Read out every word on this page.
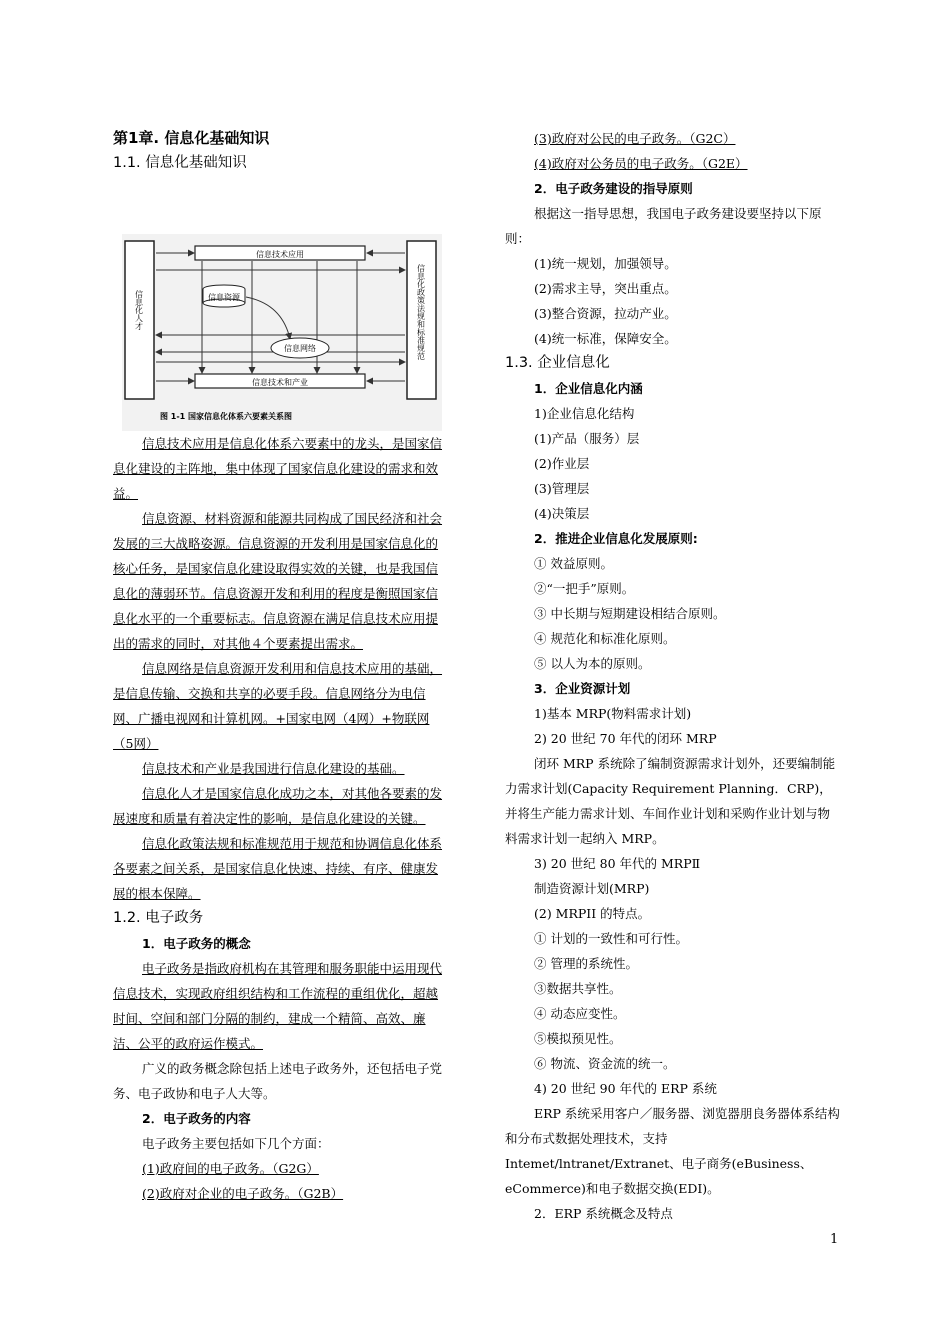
第1章. 信息化基础知识
1.1. 信息化基础知识
信息技术应用
信息资源
信息网络
信息技术和产业
信息化人才	信息化政策法规和标准规范
图 1-1 国家信息化体系六要素关系图

信息技术应用是信息化体系六要素中的龙头，是国家信息化建设的主阵地，集中体现了国家信息化建设的需求和效益。

信息资源、材料资源和能源共同构成了国民经济和社会发展的三大战略姿源。信息资源的开发利用是国家信息化的核心任务，是国家信息化建设取得实效的关键，也是我国信息化的薄弱环节。信息资源开发和利用的程度是衡照国家信息化水平的一个重要标志。信息资源在满足信息技术应用提出的需求的同时，对其他４个要素提出需求。

信息网络是信息资源开发利用和信息技术应用的基础，是信息传输、交换和共享的必要手段。信息网络分为电信网、广播电视网和计算机网。+国家电网（4网）+物联网（5网）

信息技术和产业是我国进行信息化建设的基础。

信息化人才是国家信息化成功之本，对其他各要素的发展速度和质量有着决定性的影响，是信息化建设的关键。

信息化政策法规和标准规范用于规范和协调信息化体系各要素之间关系，是国家信息化快速、持续、有序、健康发展的根本保障。

1.2. 电子政务
1．电子政务的概念

电子政务是指政府机构在其管理和服务职能中运用现代信息技术，实现政府组织结构和工作流程的重组优化，超越时间、空间和部门分隔的制约，建成一个精简、高效、廉洁、公平的政府运作模式。

广义的政务概念除包括上述电子政务外，还包括电子党务、电子政协和电子人大等。

2．电子政务的内容

电子政务主要包括如下几个方面：

(1)政府间的电子政务。（G2G）

(2)政府对企业的电子政务。（G2B）

(3)政府对公民的电子政务。（G2C）

(4)政府对公务员的电子政务。（G2E）

2．电子政务建设的指导原则

根据这一指导思想，我国电子政务建设要坚持以下原则：

(1)统一规划，加强领导。

(2)需求主导，突出重点。

(3)整合资源，拉动产业。

(4)统一标准，保障安全。

1.3. 企业信息化
1．企业信息化内涵

1)企业信息化结构

(1)产品（服务）层

(2)作业层

(3)管理层

(4)决策层

2．推进企业信息化发展原则:

① 效益原则。

②“一把手”原则。

③ 中长期与短期建设相结合原则。

④ 规范化和标准化原则。

⑤ 以人为本的原则。

3．企业资源计划

1)基本 MRP(物料需求计划)

2) 20 世纪 70 年代的闭环 MRP

闭环 MRP 系统除了编制资源需求计划外，还要编制能力需求计划(Capacity Requirement Planning．CRP)，并将生产能力需求计划、车间作业计划和采购作业计划与物料需求计划一起纳入 MRP。

3) 20 世纪 80 年代的 MRPⅡ

制造资源计划(MRP)

(2) MRPII 的特点。

① 计划的一致性和可行性。

② 管理的系统性。

③数据共享性。

④ 动态应变性。

⑤模拟预见性。

⑥ 物流、资金流的统一。

4) 20 世纪 90 年代的 ERP 系统

ERP 系统采用客户／服务器、浏览器朋良务器体系结构和分布式数据处理技术，支持 Intemet/lntranet/Extranet、电子商务(eBusiness、eCommerce)和电子数据交换(EDI)。

2．ERP 系统概念及特点

1
